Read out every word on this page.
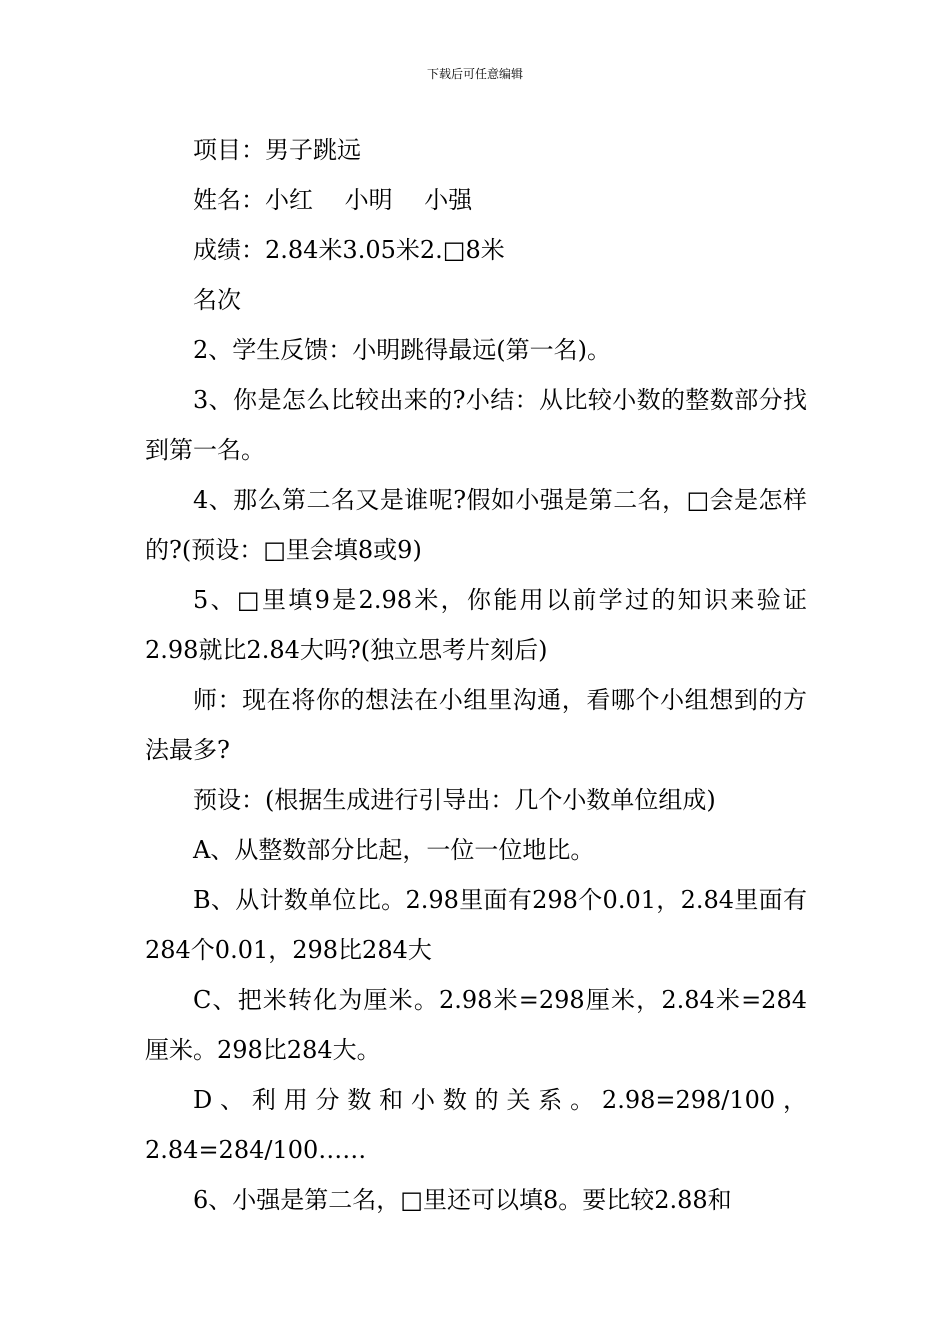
下载后可任意编辑

项目：男子跳远

姓名：小红　 小明　 小强

成绩：2.84米3.05米2.□8米

名次

2、学生反馈：小明跳得最远(第一名)。

3、你是怎么比较出来的?小结：从比较小数的整数部分找到第一名。

4、那么第二名又是谁呢?假如小强是第二名，□会是怎样的?(预设：□里会填8或9)

5、□里填9是2.98米，你能用以前学过的知识来验证2.98就比2.84大吗?(独立思考片刻后)

师：现在将你的想法在小组里沟通，看哪个小组想到的方法最多?

预设：(根据生成进行引导出：几个小数单位组成)

A、从整数部分比起，一位一位地比。

B、从计数单位比。2.98里面有298个0.01，2.84里面有284个0.01，298比284大

C、把米转化为厘米。2.98米=298厘米，2.84米=284厘米。298比284大。

D、利用分数和小数的关系。2.98=298/100，2.84=284/100……

6、小强是第二名，□里还可以填8。要比较2.88和
